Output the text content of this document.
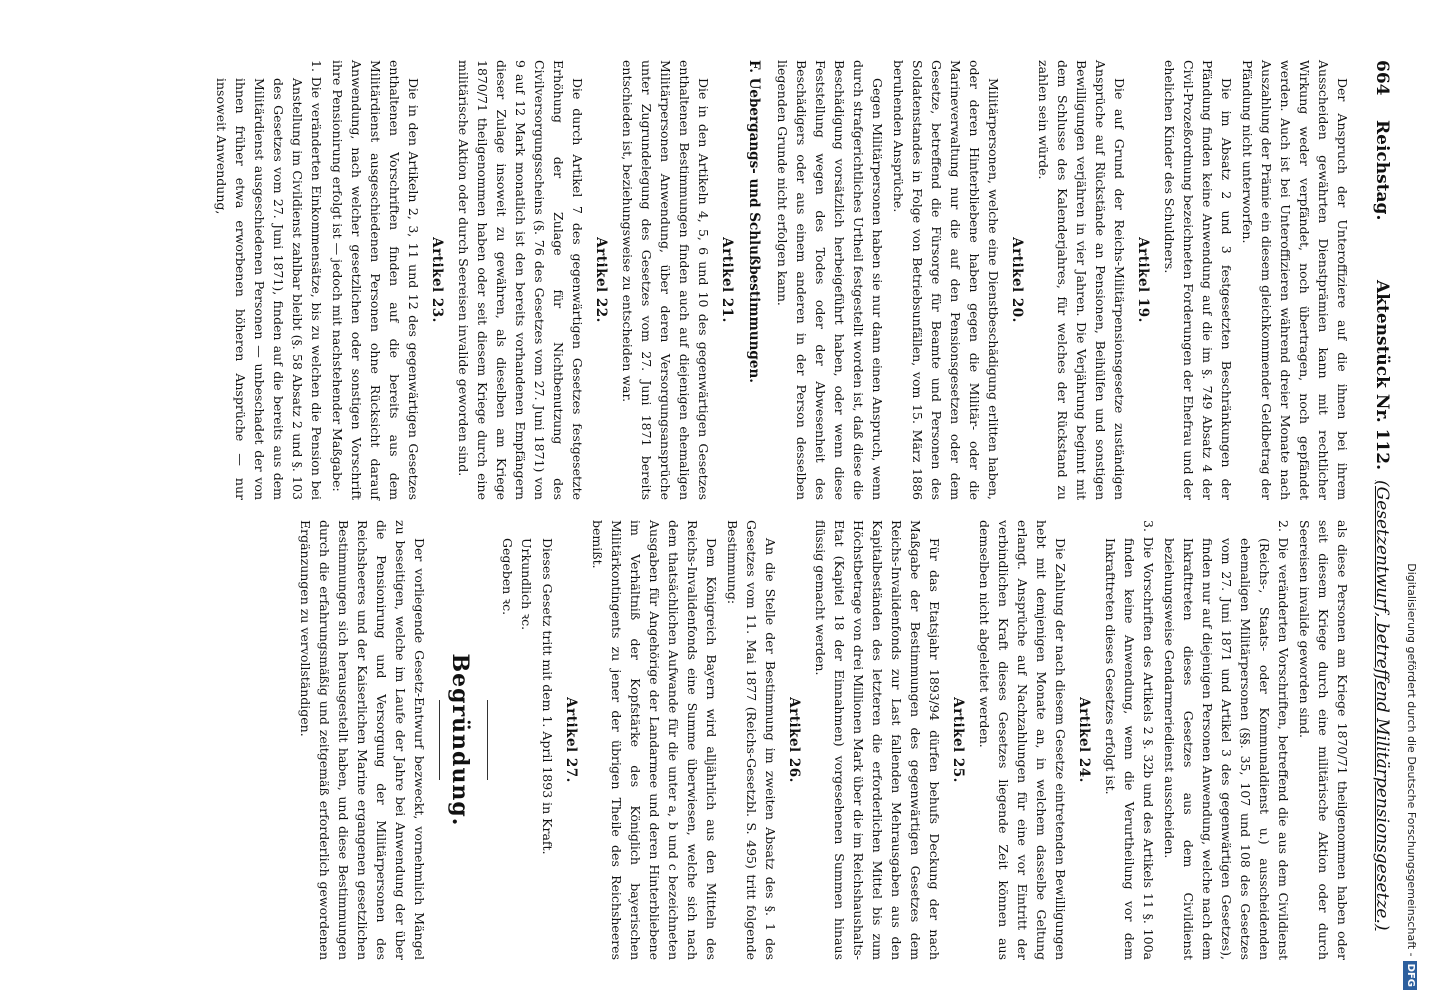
664
Reichstag.
Aktenstück Nr. 112.
(Gesetzentwurf, betreffend Militärpensionsgesetze.)

Der Anspruch der Unteroffiziere auf die ihnen bei ihrem Ausscheiden gewährten Dienstprämien kann mit rechtlicher Wirkung weder verpfändet, noch übertragen, noch gepfändet werden. Auch ist bei Unteroffizieren während dreier Monate nach Auszahlung der Prämie ein diesem gleichkommender Geldbetrag der Pfändung nicht unterworfen.

Die im Absatz 2 und 3 festgesetzten Beschränkungen der Pfändung finden keine Anwendung auf die im §. 749 Absatz 4 der Civil-Prozeßordnung bezeichneten Forderungen der Ehefrau und der ehelichen Kinder des Schuldners.

Artikel 19.

Die auf Grund der Reichs-Militärpensionsgesetze zuständigen Ansprüche auf Rückstände an Pensionen, Beihülfen und sonstigen Bewilligungen verjähren in vier Jahren. Die Verjährung beginnt mit dem Schlusse des Kalenderjahres, für welches der Rückstand zu zahlen sein würde.

Artikel 20.

Militärpersonen, welche eine Dienstbeschädigung erlitten haben, oder deren Hinterbliebene haben gegen die Militär- oder die Marineverwaltung nur die auf den Pensionsgesetzen oder dem Gesetze, betreffend die Fürsorge für Beamte und Personen des Soldatenstandes in Folge von Betriebsunfällen, vom 15. März 1886 beruhenden Ansprüche.

Gegen Militärpersonen haben sie nur dann einen Anspruch, wenn durch strafgerichtliches Urtheil festgestellt worden ist, daß diese die Beschädigung vorsätzlich herbeigeführt haben, oder wenn diese Feststellung wegen des Todes oder der Abwesenheit des Beschädigers oder aus einem anderen in der Person desselben liegenden Grunde nicht erfolgen kann.

F. Uebergangs- und Schlußbestimmungen.
Artikel 21.

Die in den Artikeln 4, 5, 6 und 10 des gegenwärtigen Gesetzes enthaltenen Bestimmungen finden auch auf diejenigen ehemaligen Militärpersonen Anwendung, über deren Versorgungsansprüche unter Zugrundelegung des Gesetzes vom 27. Juni 1871 bereits entschieden ist, beziehungsweise zu entscheiden war.

Artikel 22.

Die durch Artikel 7 des gegenwärtigen Gesetzes festgesetzte Erhöhung der Zulage für Nichtbenutzung des Civilversorgungsscheins (§. 76 des Gesetzes vom 27. Juni 1871) von 9 auf 12 Mark monatlich ist den bereits vorhandenen Empfängern dieser Zulage insoweit zu gewähren, als dieselben am Kriege 1870/71 theilgenommen haben oder seit diesem Kriege durch eine militärische Aktion oder durch Seereisen invalide geworden sind.

Artikel 23.

Die in den Artikeln 2, 3, 11 und 12 des gegenwärtigen Gesetzes enthaltenen Vorschriften finden auf die bereits aus dem Militärdienst ausgeschiedenen Personen ohne Rücksicht darauf Anwendung, nach welcher gesetzlichen oder sonstigen Vorschrift ihre Pensionirung erfolgt ist — jedoch mit nachstehender Maßgabe:

1. Die veränderten Einkommensätze, bis zu welchen die Pension bei Anstellung im Civildienst zahlbar bleibt (§. 58 Absatz 2 und §. 103 des Gesetzes vom 27. Juni 1871), finden auf die bereits aus dem Militärdienst ausgeschiedenen Personen — unbeschadet der von ihnen früher etwa erworbenen höheren Ansprüche — nur insoweit Anwendung,

als diese Personen am Kriege 1870/71 theilgenommen haben oder seit diesem Kriege durch eine militärische Aktion oder durch Seereisen invalide geworden sind.

2. Die veränderten Vorschriften, betreffend die aus dem Civildienst (Reichs-, Staats- oder Kommunaldienst u.) ausscheidenden ehemaligen Militärpersonen (§§. 35, 107 und 108 des Gesetzes vom 27. Juni 1871 und Artikel 3 des gegenwärtigen Gesetzes), finden nur auf diejenigen Personen Anwendung, welche nach dem Inkrafttreten dieses Gesetzes aus dem Civildienst beziehungsweise Gendarmeriedienst ausscheiden.

3. Die Vorschriften des Artikels 2 §. 32b und des Artikels 11 §. 100a finden keine Anwendung, wenn die Verurtheilung vor dem Inkrafttreten dieses Gesetzes erfolgt ist.

Artikel 24.

Die Zahlung der nach diesem Gesetze eintretenden Bewilligungen hebt mit demjenigen Monate an, in welchem dasselbe Geltung erlangt. Ansprüche auf Nachzahlungen für eine vor Eintritt der verbindlichen Kraft dieses Gesetzes liegende Zeit können aus demselben nicht abgeleitet werden.

Artikel 25.

Für das Etatsjahr 1893/94 dürfen behufs Deckung der nach Maßgabe der Bestimmungen des gegenwärtigen Gesetzes dem Reichs-Invalidenfonds zur Last fallenden Mehrausgaben aus den Kapitalbeständen des letzteren die erforderlichen Mittel bis zum Höchstbetrage von drei Millionen Mark über die im Reichshaushalts-Etat (Kapitel 18 der Einnahmen) vorgesehenen Summen hinaus flüssig gemacht werden.

Artikel 26.

An die Stelle der Bestimmung im zweiten Absatz des §. 1 des Gesetzes vom 11. Mai 1877 (Reichs-Gesetzbl. S. 495) tritt folgende Bestimmung:

Dem Königreich Bayern wird alljährlich aus den Mitteln des Reichs-Invalidenfonds eine Summe überwiesen, welche sich nach dem thatsächlichen Aufwande für die unter a, b und c bezeichneten Ausgaben für Angehörige der Landarmee und deren Hinterbliebene im Verhältniß der Kopfstärke des Königlich bayerischen Militärkontingents zu jener der übrigen Theile des Reichsheeres bemißt.

Artikel 27.

Dieses Gesetz tritt mit dem 1. April 1893 in Kraft.

Urkundlich ꝛc.

Gegeben ꝛc.

Begründung.

Der vorliegende Gesetz-Entwurf bezweckt, vornehmlich Mängel zu beseitigen, welche im Laufe der Jahre bei Anwendung der über die Pensionirung und Versorgung der Militärpersonen des Reichsheeres und der Kaiserlichen Marine ergangenen gesetzlichen Bestimmungen sich herausgestellt haben, und diese Bestimmungen durch die erfahrungsmäßig und zeitgemäß erforderlich gewordenen Ergänzungen zu vervollständigen.	Digitalisierung gefördert durch die Deutsche Forschungsgemeinschaft -DFG
